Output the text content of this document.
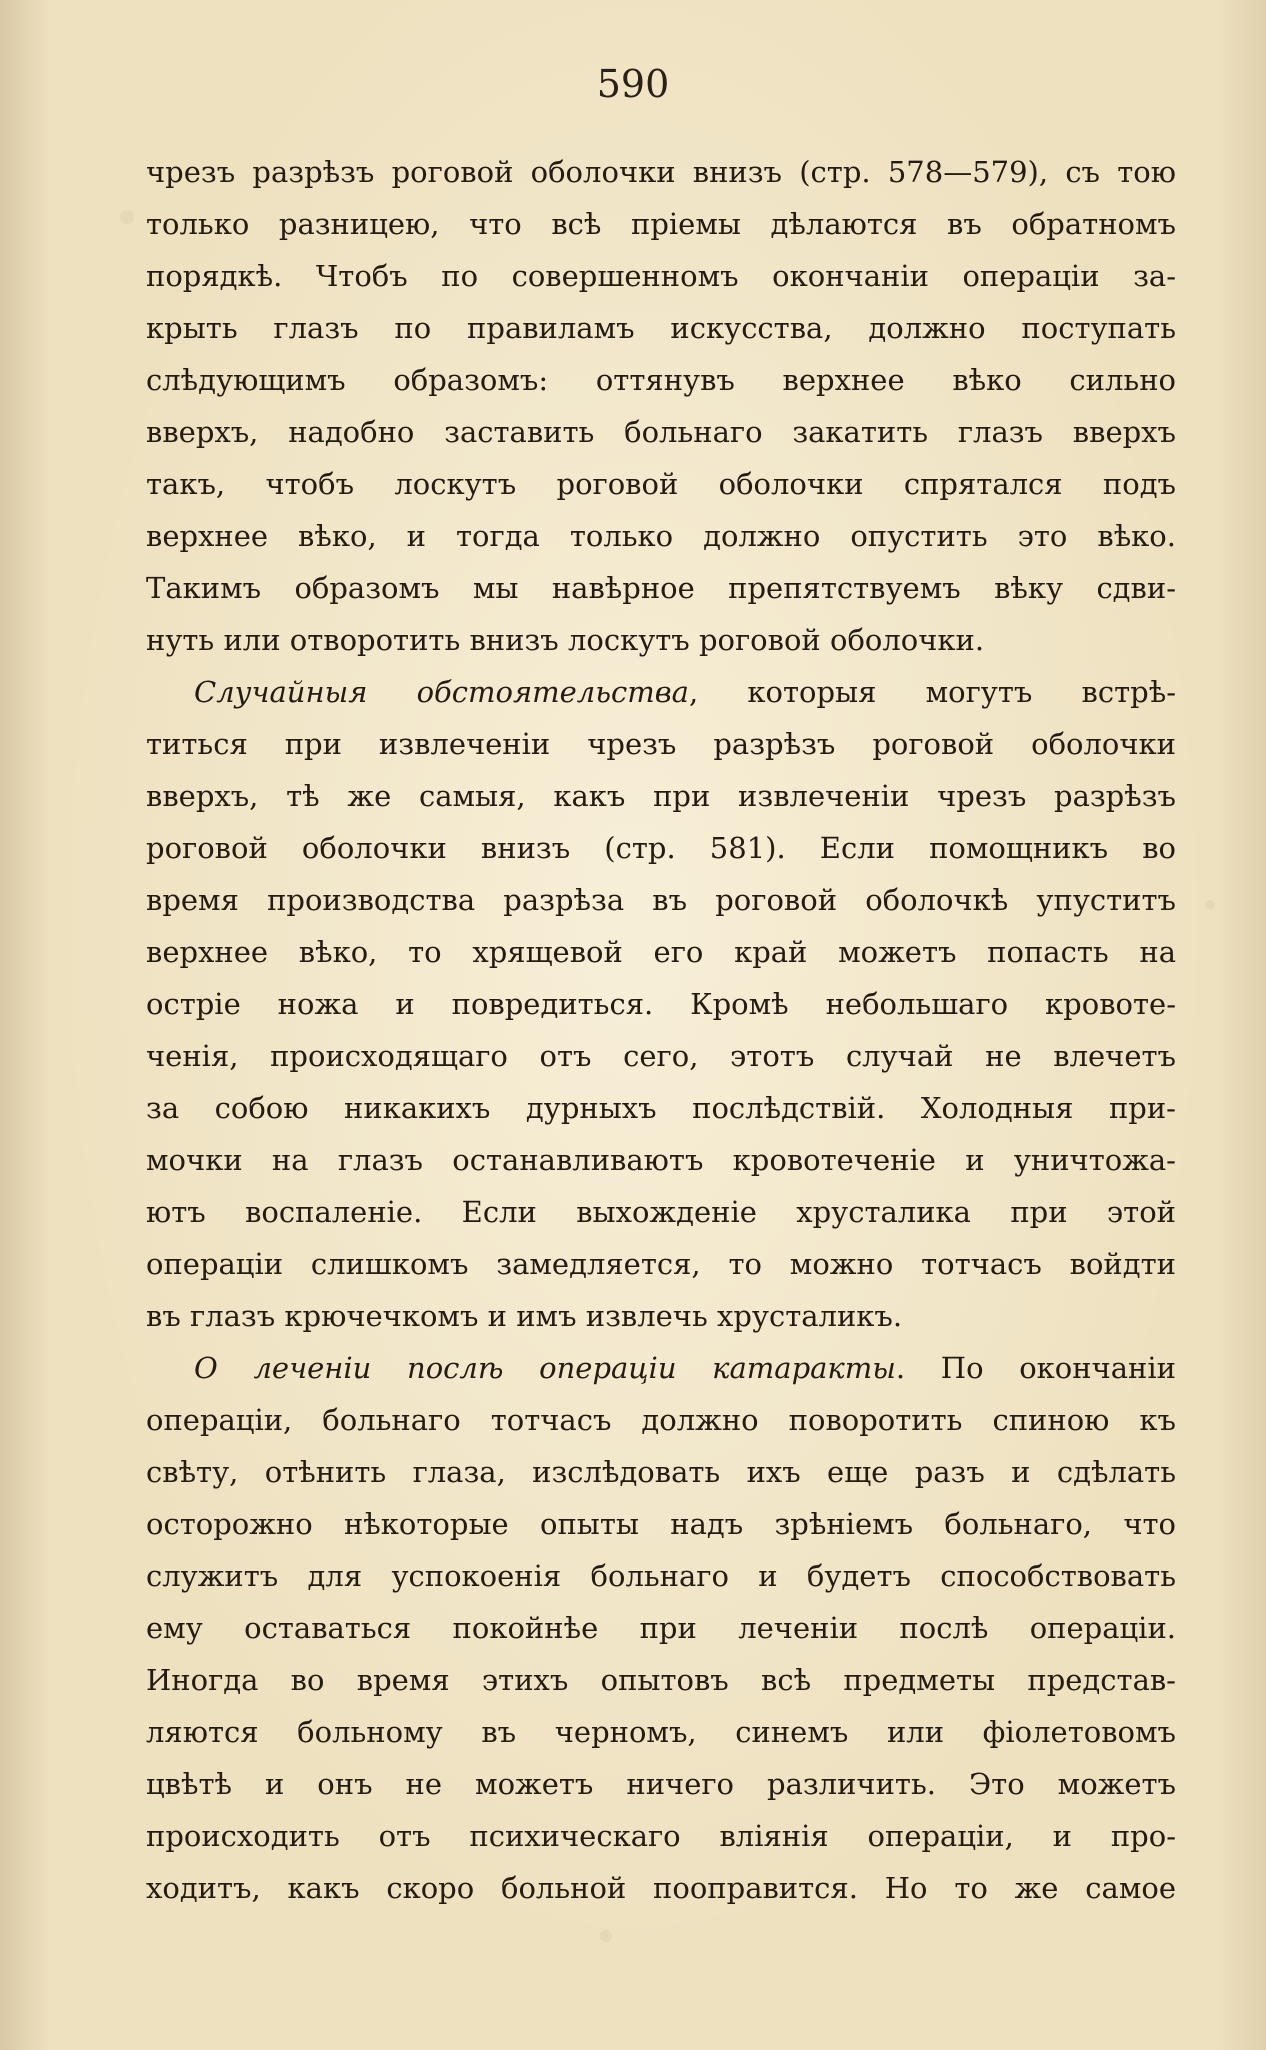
590
чрезъ разрѣзъ роговой оболочки внизъ (стр. 578—579), съ тою
только разницею, что всѣ пріемы дѣлаются въ обратномъ
порядкѣ. Чтобъ по совершенномъ окончаніи операціи за-
крыть глазъ по правиламъ искусства, должно поступать
слѣдующимъ образомъ: оттянувъ верхнее вѣко сильно
вверхъ, надобно заставить больнаго закатить глазъ вверхъ
такъ, чтобъ лоскутъ роговой оболочки спрятался подъ
верхнее вѣко, и тогда только должно опустить это вѣко.
Такимъ образомъ мы навѣрное препятствуемъ вѣку сдви-
нуть или отворотить внизъ лоскутъ роговой оболочки.
Случайныя обстоятельства, которыя могутъ встрѣ-
титься при извлеченіи чрезъ разрѣзъ роговой оболочки
вверхъ, тѣ же самыя, какъ при извлеченіи чрезъ разрѣзъ
роговой оболочки внизъ (стр. 581). Если помощникъ во
время производства разрѣза въ роговой оболочкѣ упуститъ
верхнее вѣко, то хрящевой его край можетъ попасть на
остріе ножа и повредиться. Кромѣ небольшаго кровоте-
ченія, происходящаго отъ сего, этотъ случай не влечетъ
за собою никакихъ дурныхъ послѣдствій. Холодныя при-
мочки на глазъ останавливаютъ кровотеченіе и уничтожа-
ютъ воспаленіе. Если выхожденіе хрусталика при этой
операціи слишкомъ замедляется, то можно тотчасъ войдти
въ глазъ крючечкомъ и имъ извлечь хрусталикъ.
О леченіи послѣ операціи катаракты. По окончаніи
операціи, больнаго тотчасъ должно поворотить спиною къ
свѣту, отѣнить глаза, изслѣдовать ихъ еще разъ и сдѣлать
осторожно нѣкоторые опыты надъ зрѣніемъ больнаго, что
служитъ для успокоенія больнаго и будетъ способствовать
ему оставаться покойнѣе при леченіи послѣ операціи.
Иногда во время этихъ опытовъ всѣ предметы представ-
ляются больному въ черномъ, синемъ или фіолетовомъ
цвѣтѣ и онъ не можетъ ничего различить. Это можетъ
происходить отъ психическаго вліянія операціи, и про-
ходитъ, какъ скоро больной пооправится. Но то же самое
